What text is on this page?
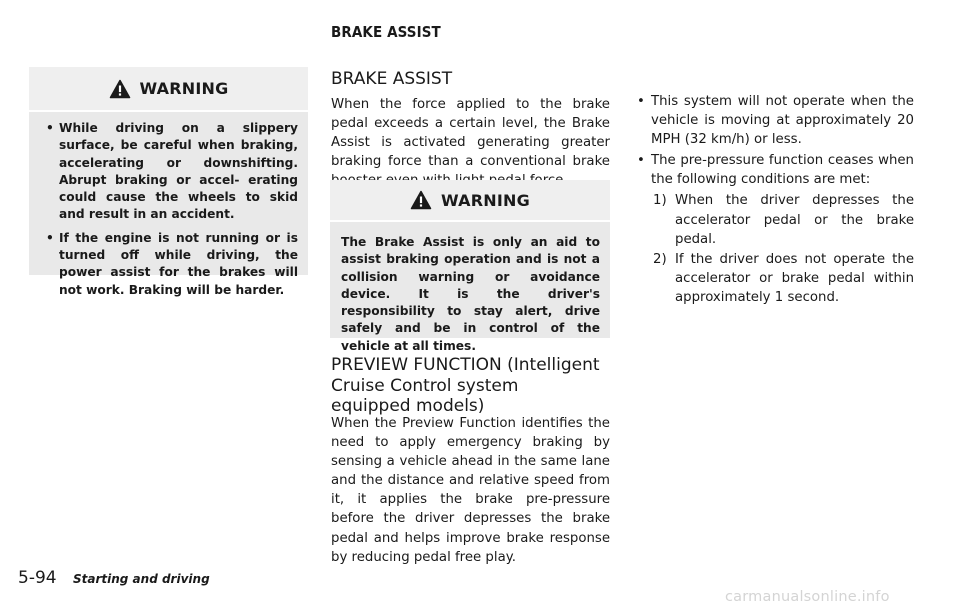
BRAKE ASSIST
WARNING
• While driving on a slippery surface, be careful when braking, accelerating or downshifting. Abrupt braking or accel- erating could cause the wheels to skid and result in an accident.
• If the engine is not running or is turned off while driving, the power assist for the brakes will not work. Braking will be harder.
BRAKE ASSIST
When the force applied to the brake pedal exceeds a certain level, the Brake Assist is activated generating greater braking force than a conventional brake
WARNING
The Brake Assist is only an aid to assist braking operation and is not a collision warning or avoidance device. It is the driver's responsibility to stay alert, drive safely and be in control of the vehicle at all times.
PREVIEW FUNCTION (Intelligent Cruise Control system equipped models)
When the Preview Function identifies the need to apply emergency braking by sensing a vehicle ahead in the same lane and the distance and relative speed from it, it applies the brake pre-pressure before the driver depresses the brake pedal and helps improve brake response by reducing pedal free play.
• This system will not operate when the vehicle is moving at approximately 20 MPH (32 km/h) or less.
• The pre-pressure function ceases when the following conditions are met:
1) When the driver depresses the accelerator pedal or the brake pedal.
2) If the driver does not operate the accelerator or brake pedal within approximately 1 second.
5-94 Starting and driving
carmanualsonline.info
